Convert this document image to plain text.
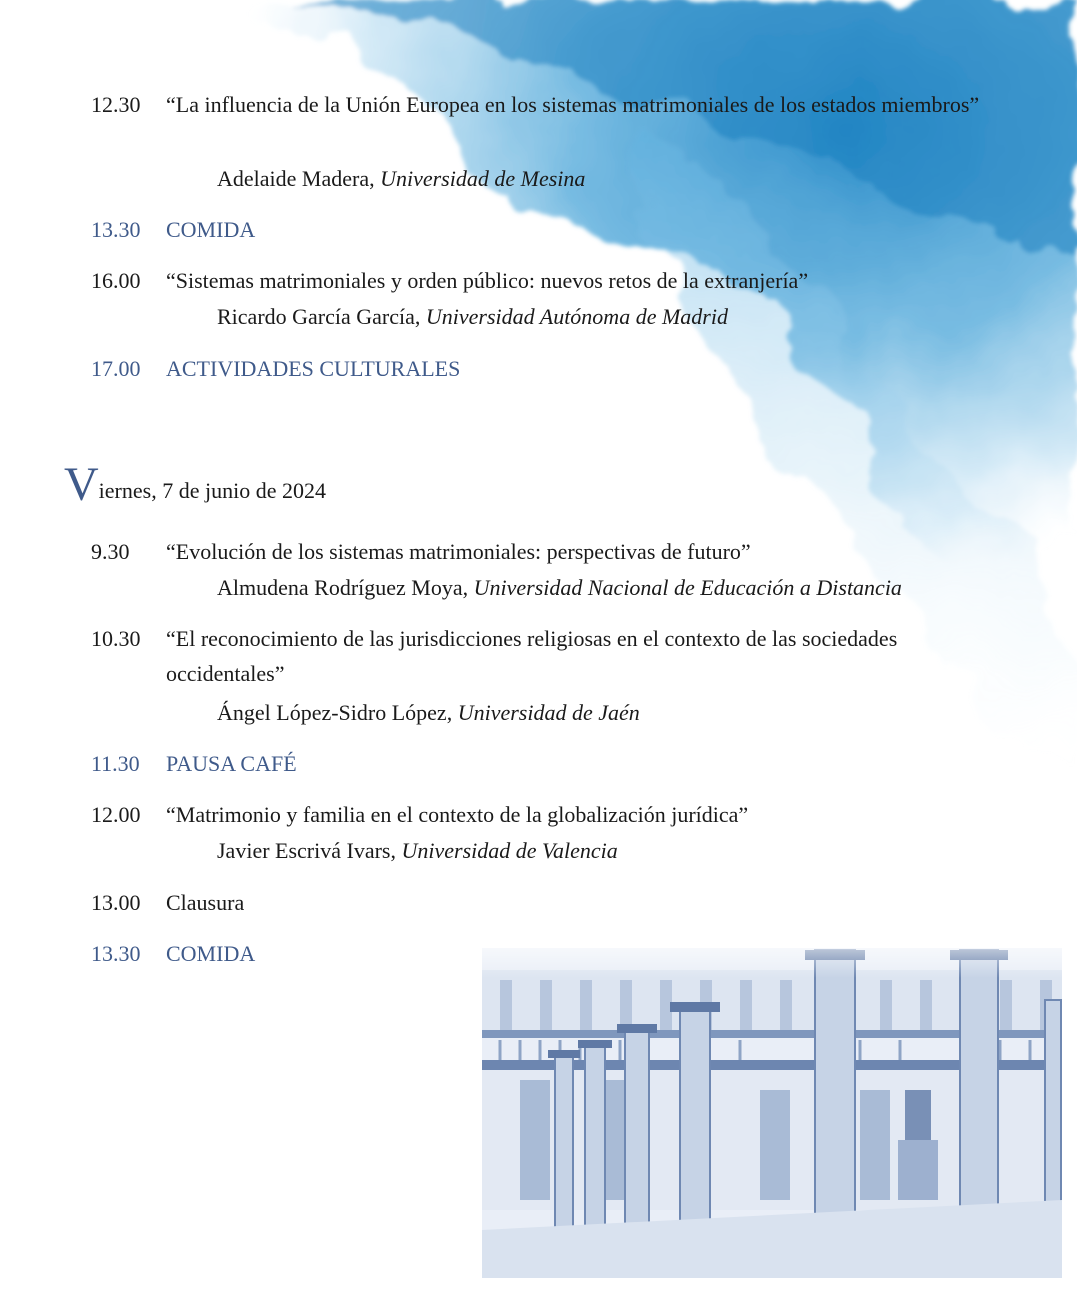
12.30 “La influencia de la Unión Europea en los sistemas matrimoniales de los estados miembros”
Adelaide Madera, Universidad de Mesina
13.30 COMIDA
16.00 “Sistemas matrimoniales y orden público: nuevos retos de la extranjería”
Ricardo García García, Universidad Autónoma de Madrid
17.00 ACTIVIDADES CULTURALES
Viernes, 7 de junio de 2024
9.30 “Evolución de los sistemas matrimoniales: perspectivas de futuro”
Almudena Rodríguez Moya, Universidad Nacional de Educación a Distancia
10.30 “El reconocimiento de las jurisdicciones religiosas en el contexto de las sociedades occidentales”
Ángel López-Sidro López, Universidad de Jaén
11.30 PAUSA CAFÉ
12.00 “Matrimonio y familia en el contexto de la globalización jurídica”
Javier Escrivá Ivars, Universidad de Valencia
13.00 Clausura
13.30 COMIDA
